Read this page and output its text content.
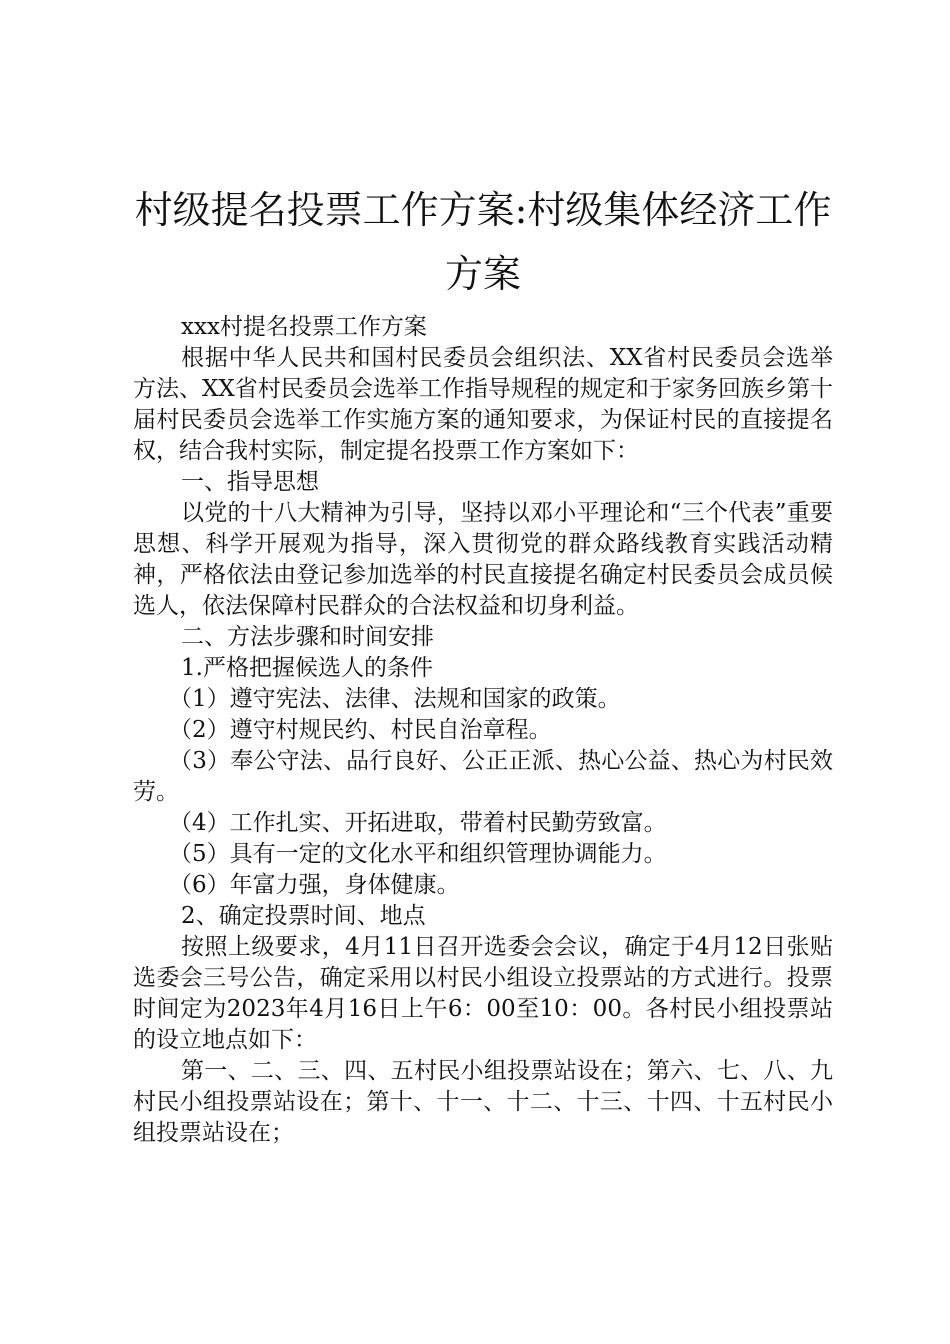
村级提名投票工作方案:村级集体经济工作方案

xxx村提名投票工作方案

根据中华人民共和国村民委员会组织法、XX省村民委员会选举方法、XX省村民委员会选举工作指导规程的规定和于家务回族乡第十届村民委员会选举工作实施方案的通知要求，为保证村民的直接提名权，结合我村实际，制定提名投票工作方案如下：

一、指导思想

以党的十八大精神为引导，坚持以邓小平理论和“三个代表”重要思想、科学开展观为指导，深入贯彻党的群众路线教育实践活动精神，严格依法由登记参加选举的村民直接提名确定村民委员会成员候选人，依法保障村民群众的合法权益和切身利益。

二、方法步骤和时间安排

1.严格把握候选人的条件

（1）遵守宪法、法律、法规和国家的政策。

（2）遵守村规民约、村民自治章程。

（3）奉公守法、品行良好、公正正派、热心公益、热心为村民效劳。

（4）工作扎实、开拓进取，带着村民勤劳致富。

（5）具有一定的文化水平和组织管理协调能力。

（6）年富力强，身体健康。

2、确定投票时间、地点

按照上级要求，4月11日召开选委会会议，确定于4月12日张贴选委会三号公告，确定采用以村民小组设立投票站的方式进行。投票时间定为2023年4月16日上午6：00至10：00。各村民小组投票站的设立地点如下：

第一、二、三、四、五村民小组投票站设在；第六、七、八、九村民小组投票站设在；第十、十一、十二、十三、十四、十五村民小组投票站设在；
